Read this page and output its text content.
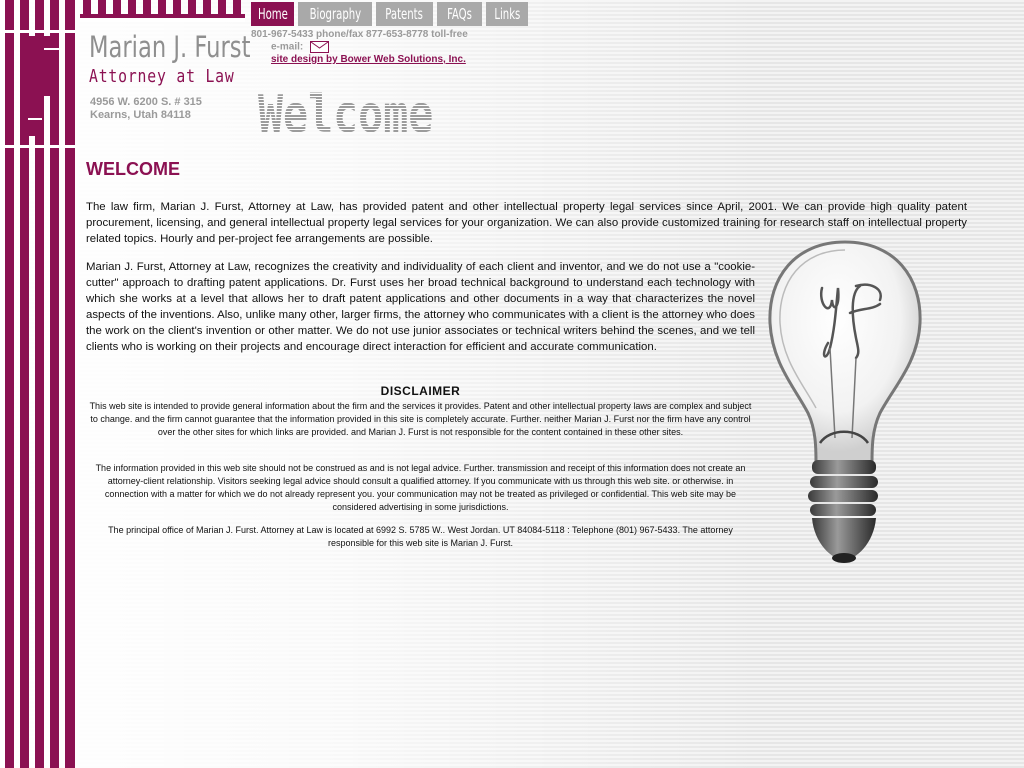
Marian J. Furst
Attorney at Law
4956 W. 6200 S. # 315
Kearns, Utah 84118
Home	Biography	Patents	FAQs	Links
801-967-5433 phone/fax 877-653-8778 toll-free
e-mail:
site design by Bower Web Solutions, Inc.
Welcome
WELCOME
The law firm, Marian J. Furst, Attorney at Law, has provided patent and other intellectual property legal services since April, 2001. We can provide high quality patent procurement, licensing, and general intellectual property legal services for your organization. We can also provide customized training for research staff on intellectual property related topics. Hourly and per-project fee arrangements are possible.
Marian J. Furst, Attorney at Law, recognizes the creativity and individuality of each client and inventor, and we do not use a "cookie-cutter" approach to drafting patent applications. Dr. Furst uses her broad technical background to understand each technology with which she works at a level that allows her to draft patent applications and other documents in a way that characterizes the novel aspects of the inventions. Also, unlike many other, larger firms, the attorney who communicates with a client is the attorney who does the work on the client's invention or other matter. We do not use junior associates or technical writers behind the scenes, and we tell clients who is working on their projects and encourage direct interaction for efficient and accurate communication.
DISCLAIMER
This web site is intended to provide general information about the firm and the services it provides. Patent and other intellectual property laws are complex and subject to change. and the firm cannot guarantee that the information provided in this site is completely accurate. Further. neither Marian J. Furst nor the firm have any control over the other sites for which links are provided. and Marian J. Furst is not responsible for the content contained in these other sites.
The information provided in this web site should not be construed as and is not legal advice. Further. transmission and receipt of this information does not create an attorney-client relationship. Visitors seeking legal advice should consult a qualified attorney. If you communicate with us through this web site. or otherwise. in connection with a matter for which we do not already represent you. your communication may not be treated as privileged or confidential. This web site may be considered advertising in some jurisdictions.
The principal office of Marian J. Furst. Attorney at Law is located at 6992 S. 5785 W.. West Jordan. UT 84084-5118 : Telephone (801) 967-5433. The attorney responsible for this web site is Marian J. Furst.
